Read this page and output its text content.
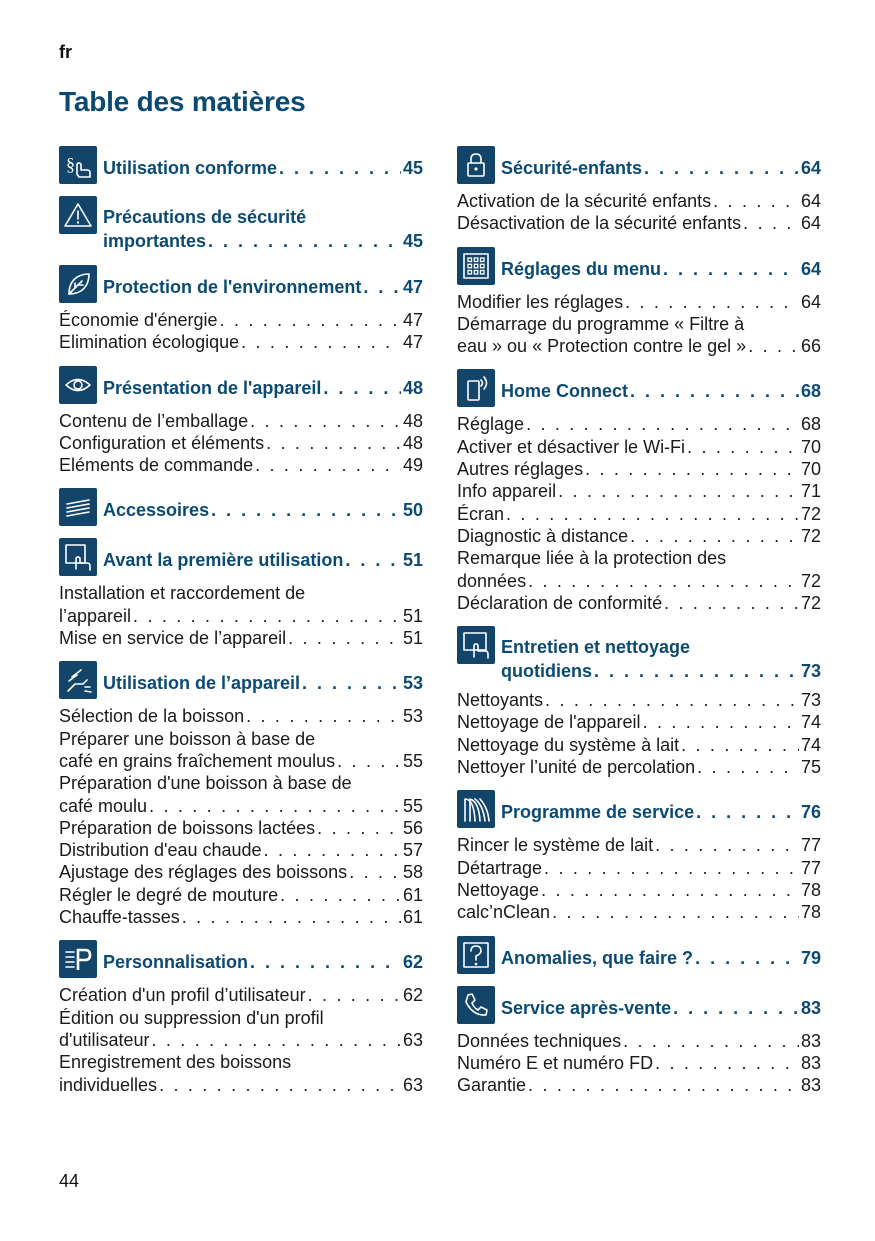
fr
Table des matières
§ Utilisation conforme . . .	45
Précautions de sécurité
importantes . . .	45
Protection de l'environnement . . . 47
Économie d'énergie . . .	47
Elimination écologique . . .	47
Présentation de l'appareil . . .	48
Contenu de l’emballage . . .	48
Configuration et éléments . . .	48
Eléments de commande . . .	49
Accessoires . . .	50
Avant la première utilisation . . .	51
Installation et raccordement de
l’appareil . . .	51
Mise en service de l’appareil . . .	51
Utilisation de l’appareil . . .	53
Sélection de la boisson . . .	53
Préparer une boisson à base de
café en grains fraîchement moulus . . .	55
Préparation d'une boisson à base de
café moulu . . .	55
Préparation de boissons lactées . . .	56
Distribution d'eau chaude . . .	57
Ajustage des réglages des boissons . . .	58
Régler le degré de mouture . . .	61
Chauffe-tasses . . .	61
Personnalisation . . .	62
Création d'un profil d’utilisateur . . .	62
Édition ou suppression d'un profil
d'utilisateur . . .	63
Enregistrement des boissons
individuelles . . .	63
Sécurité-enfants . . .	64
Activation de la sécurité enfants . . .	64
Désactivation de la sécurité enfants . . .	64
Réglages du menu . . .	64
Modifier les réglages . . .	64
Démarrage du programme « Filtre à
eau » ou « Protection contre le gel » . . .	66
Home Connect . . .	68
Réglage . . .	68
Activer et désactiver le Wi-Fi . . .	70
Autres réglages . . .	70
Info appareil . . .	71
Écran . . .	72
Diagnostic à distance . . .	72
Remarque liée à la protection des
données . . .	72
Déclaration de conformité . . .	72
Entretien et nettoyage
quotidiens . . .	73
Nettoyants . . .	73
Nettoyage de l'appareil . . .	74
Nettoyage du système à lait . . .	74
Nettoyer l’unité de percolation . . .	75
Programme de service . . .	76
Rincer le système de lait . . .	77
Détartrage . . .	77
Nettoyage . . .	78
calc’nClean . . .	78
Anomalies, que faire ? . . .	79
Service après-vente . . .	83
Données techniques . . .	83
Numéro E et numéro FD . . .	83
Garantie . . .	83
44
